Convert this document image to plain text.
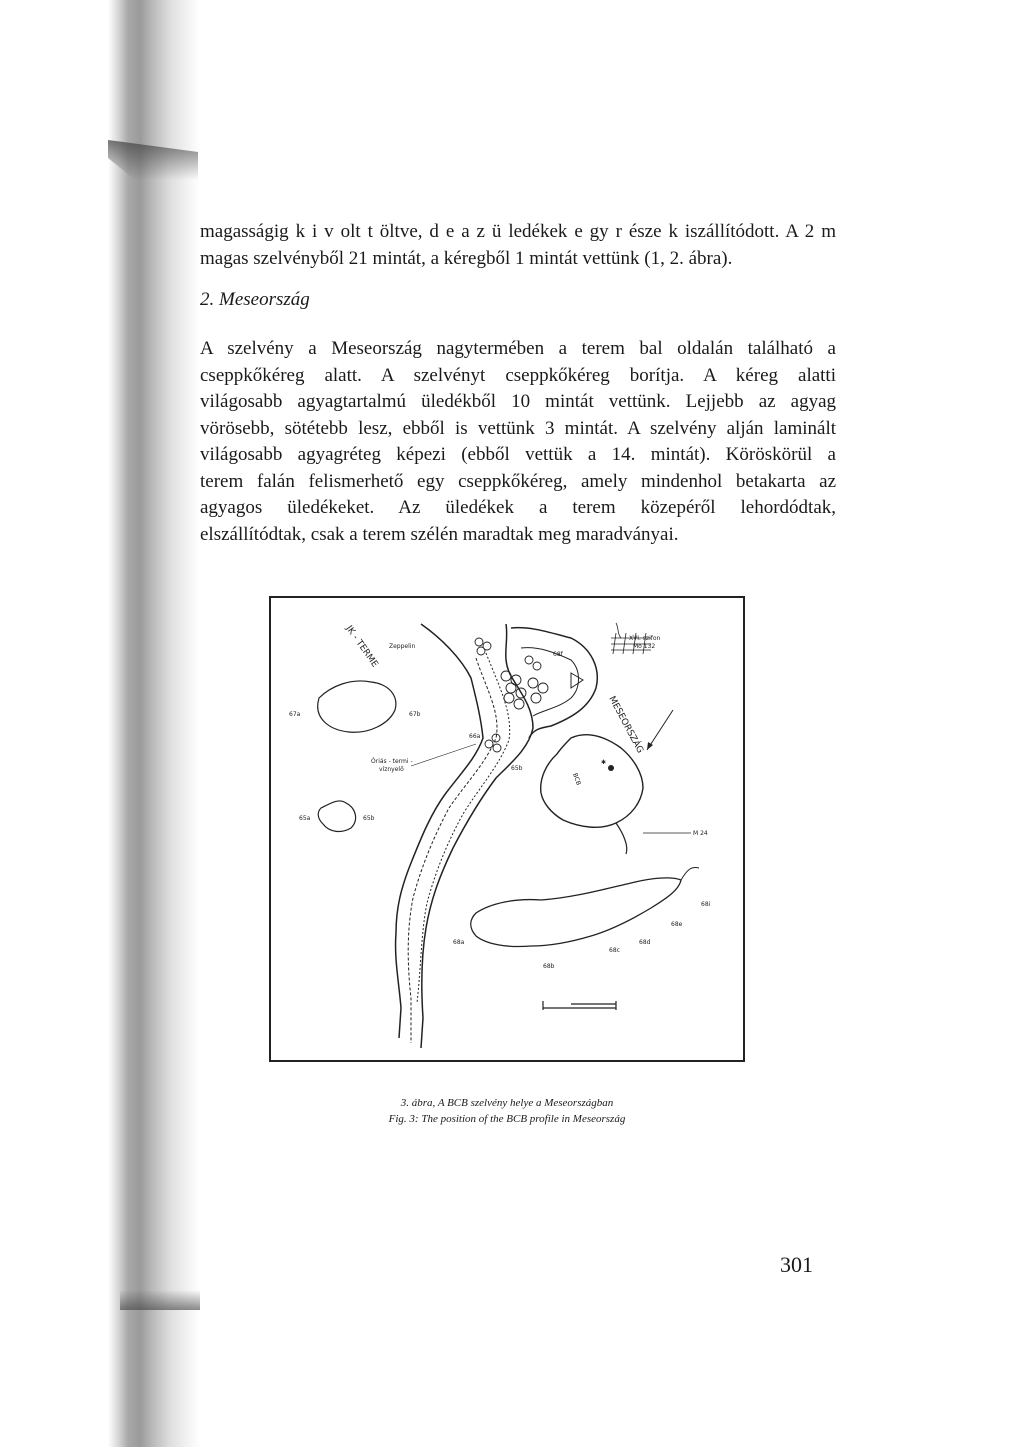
magasságig k i v olt t öltve, d e a z ü ledékek e gy r észe k iszállítódott. A 2 m
magas szelvényből 21 mintát, a kéregből 1 mintát vettünk (1, 2. ábra).
2. Meseország
A szelvény a Meseország nagytermében a terem bal oldalán található a
cseppkőkéreg alatt. A szelvényt cseppkőkéreg borítja. A kéreg alatti
világosabb agyagtartalmú üledékből 10 mintát vettünk. Lejjebb az agyag
vörösebb, sötétebb lesz, ebből is vettünk 3 mintát. A szelvény alján laminált
világosabb agyagréteg képezi (ebből vettük a 14. mintát). Köröskörül a
terem falán felismerhető egy cseppkőkéreg, amely mindenhol betakarta az
agyagos üledékeket. Az üledékek a terem közepéről lehordódtak,
elszállítódtak, csak a terem szélén maradtak meg maradványai.
✱
JK - TERME Zeppelin
XVI. szifon
Mo 132
68f
67a	67b
66a
Óriás - termi -
víznyelő	65b
MESEORSZÁG
65a	65b
M 24
68i
68e
68d
68c
68a
68b
BCB
3. ábra, A BCB szelvény helye a Meseországban
Fig. 3: The position of the BCB profile in Meseország
301
